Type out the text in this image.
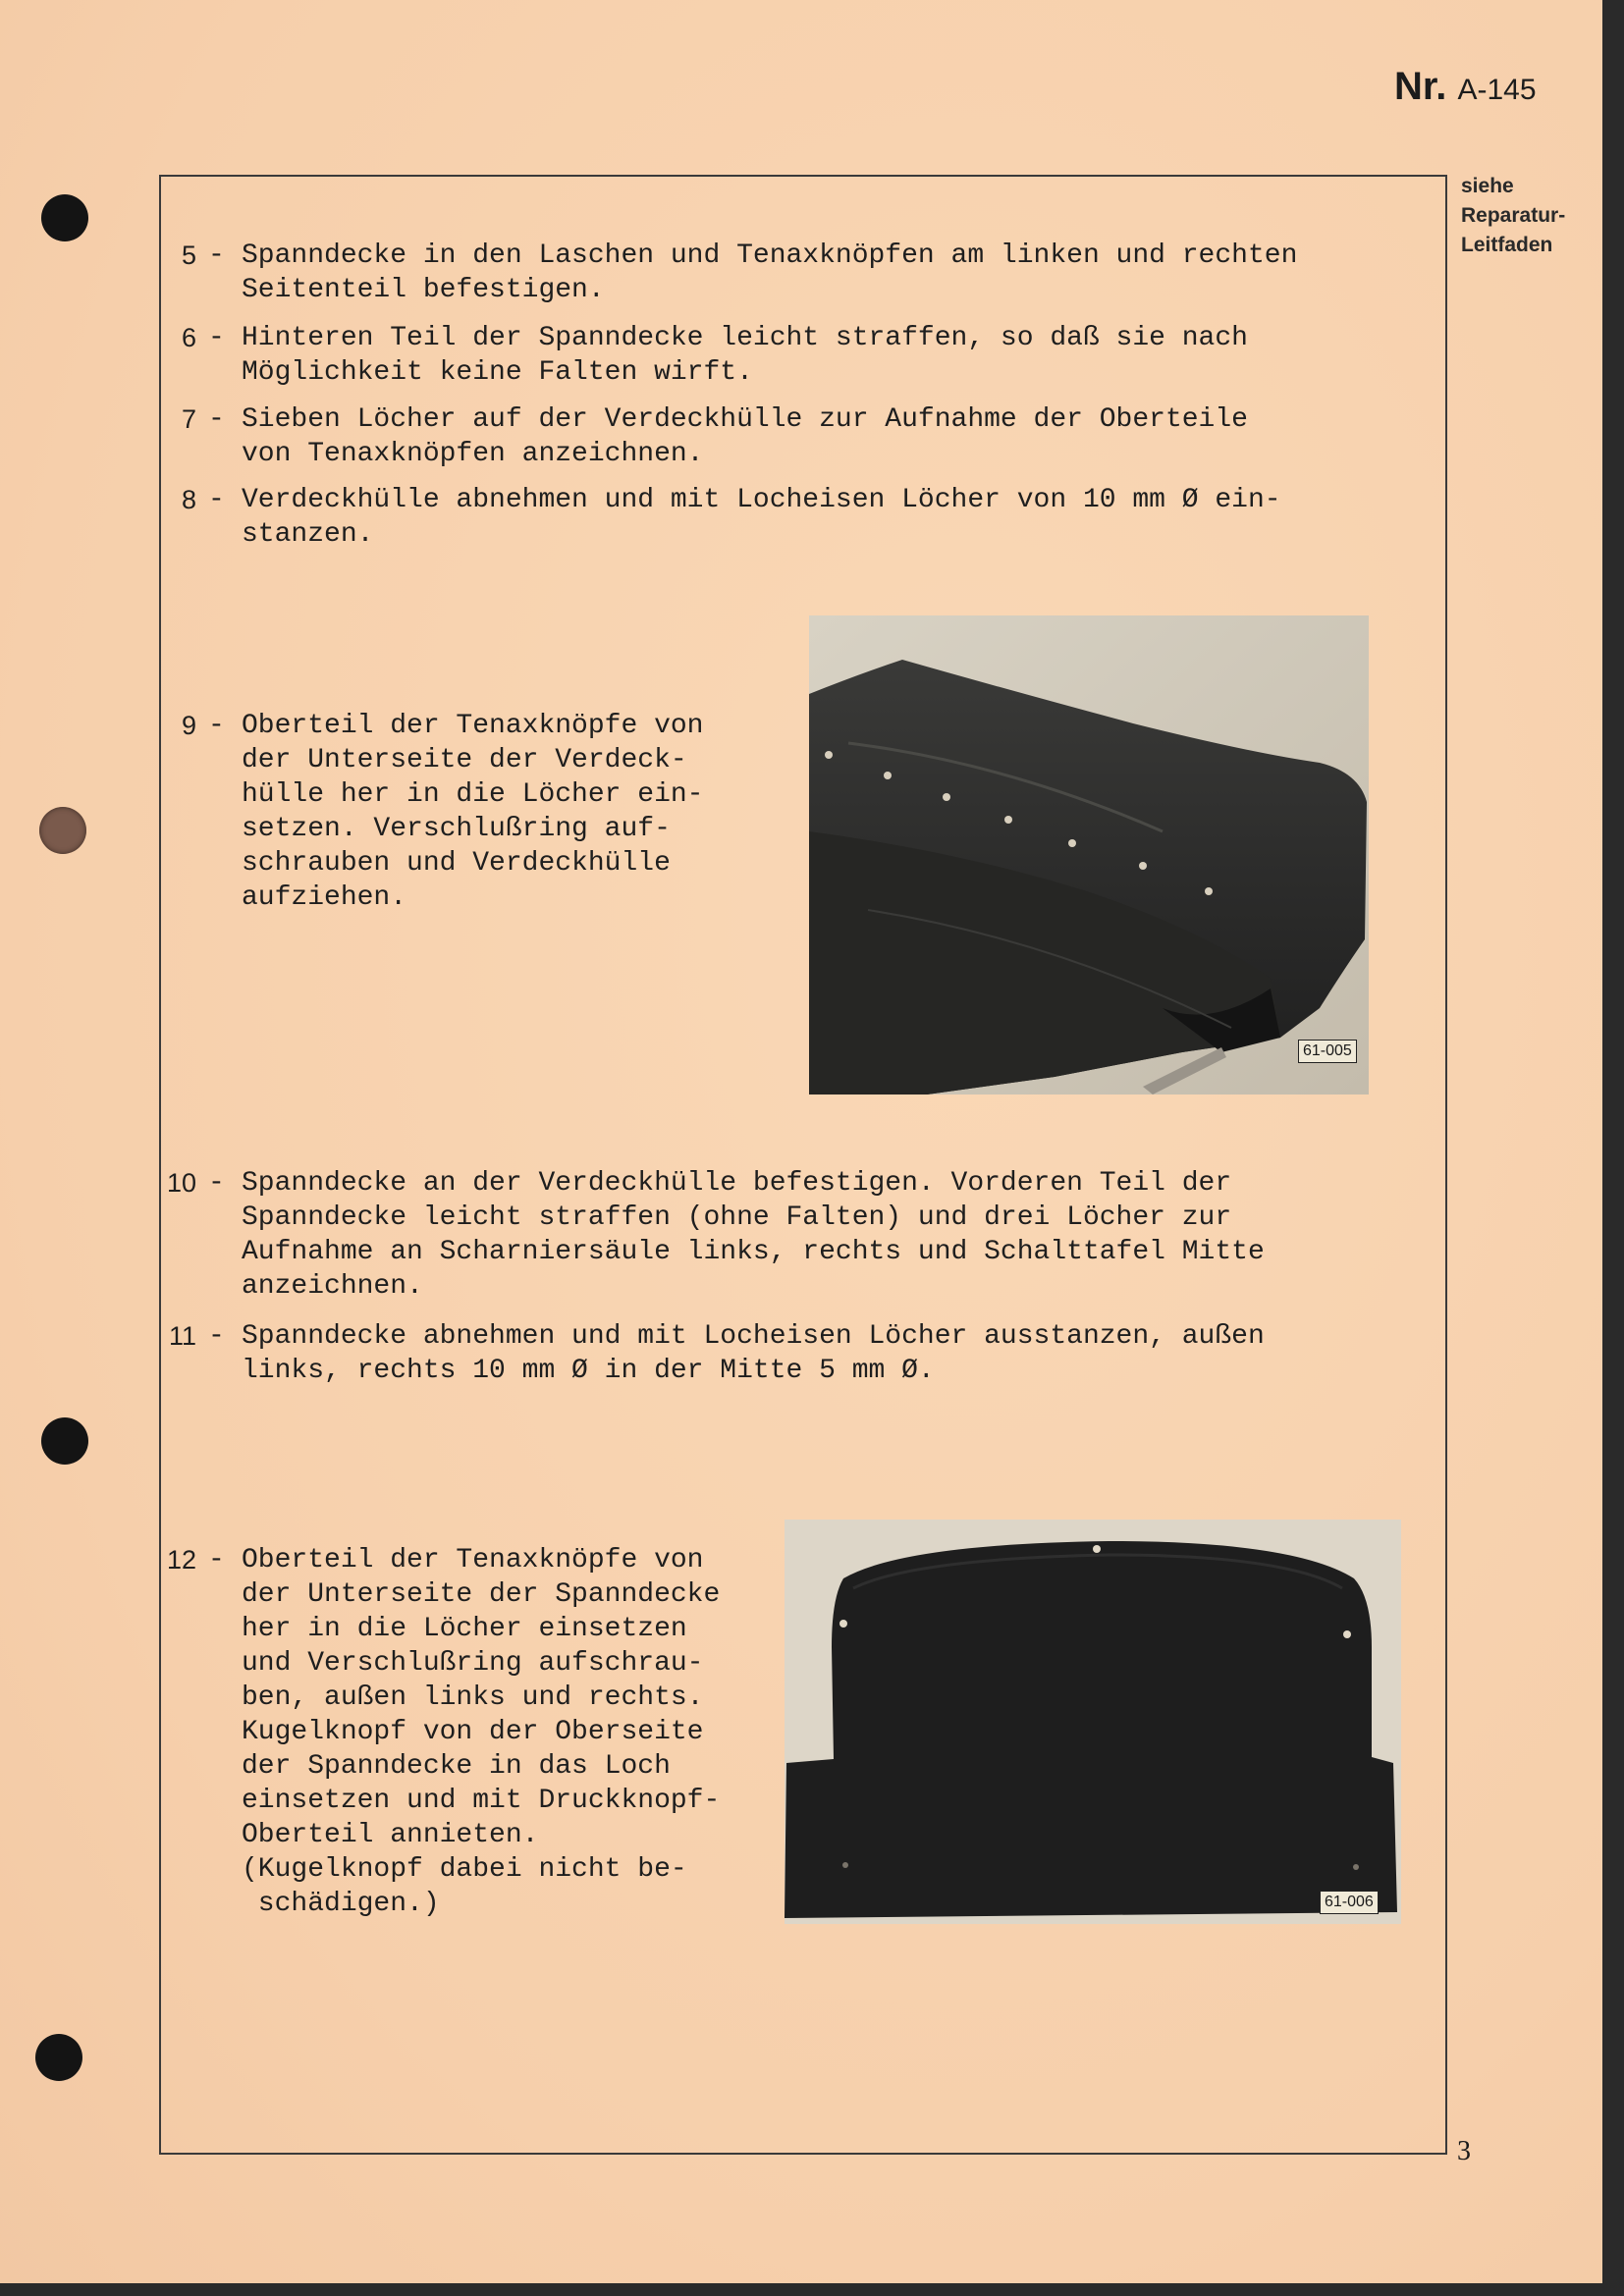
Nr. A-145
siehe Reparatur-Leitfaden
5 - Spanndecke in den Laschen und Tenaxknöpfen am linken und rechten
Seitenteil befestigen.
6 - Hinteren Teil der Spanndecke leicht straffen, so daß sie nach
Möglichkeit keine Falten wirft.
7 - Sieben Löcher auf der Verdeckhülle zur Aufnahme der Oberteile
von Tenaxknöpfen anzeichnen.
8 - Verdeckhülle abnehmen und mit Locheisen Löcher von 10 mm Ø ein-
stanzen.
9 - Oberteil der Tenaxknöpfe von
der Unterseite der Verdeck-
hülle her in die Löcher ein-
setzen. Verschlußring auf-
schrauben und Verdeckhülle
aufziehen.
61-005
10 - Spanndecke an der Verdeckhülle befestigen. Vorderen Teil der
Spanndecke leicht straffen (ohne Falten) und drei Löcher zur
Aufnahme an Scharniersäule links, rechts und Schalttafel Mitte
anzeichnen.
11 - Spanndecke abnehmen und mit Locheisen Löcher ausstanzen, außen
links, rechts 10 mm Ø in der Mitte 5 mm Ø.
12 - Oberteil der Tenaxknöpfe von
der Unterseite der Spanndecke
her in die Löcher einsetzen
und Verschlußring aufschrau-
ben, außen links und rechts.
Kugelknopf von der Oberseite
der Spanndecke in das Loch
einsetzen und mit Druckknopf-
Oberteil annieten.
(Kugelknopf dabei nicht be-
schädigen.)	61-006
3
